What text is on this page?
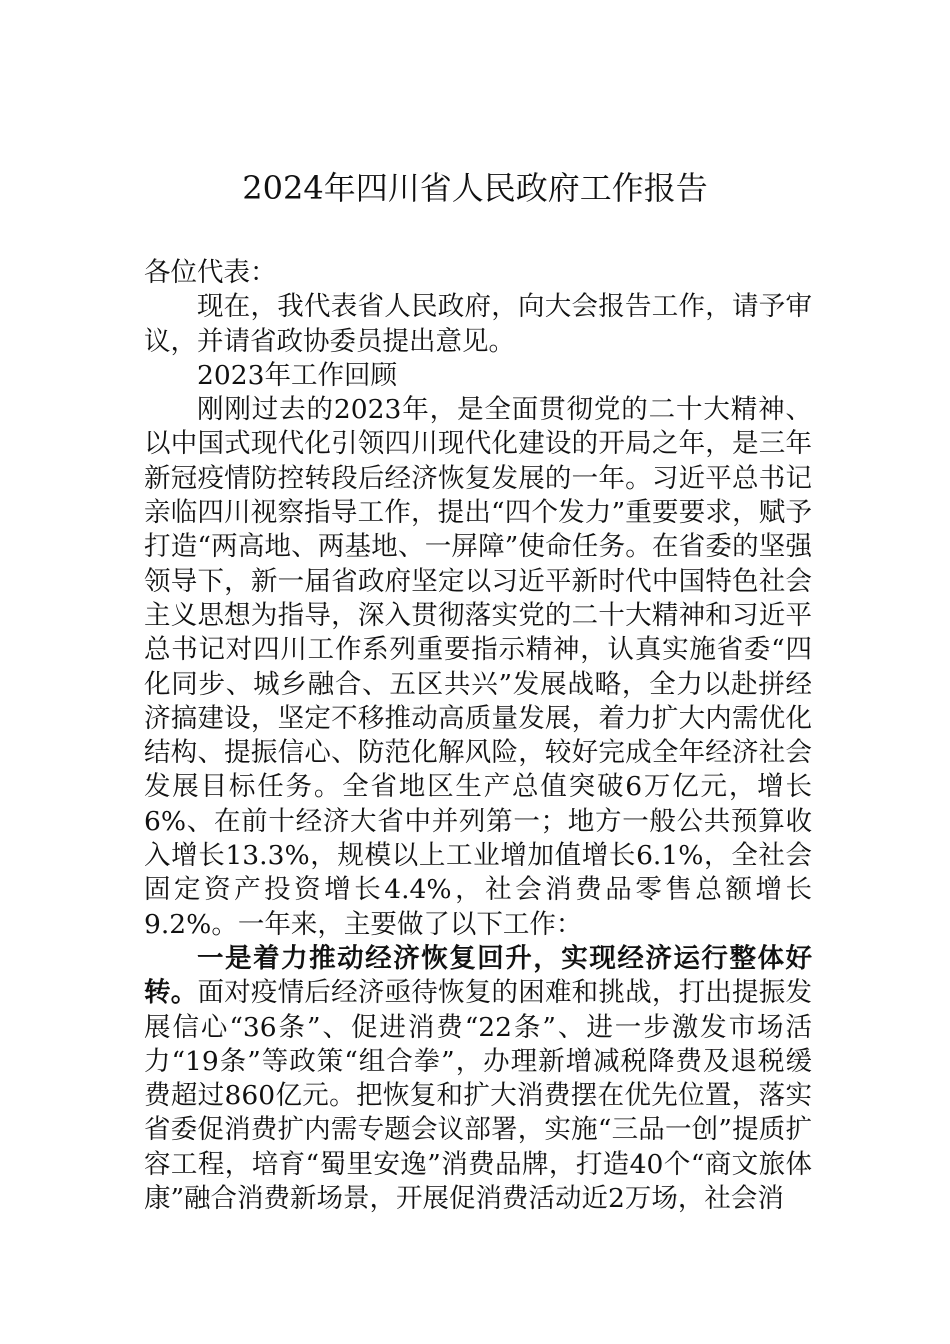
2024年四川省人民政府工作报告

各位代表：

现在，我代表省人民政府，向大会报告工作，请予审议，并请省政协委员提出意见。

2023年工作回顾

刚刚过去的2023年，是全面贯彻党的二十大精神、以中国式现代化引领四川现代化建设的开局之年，是三年新冠疫情防控转段后经济恢复发展的一年。习近平总书记亲临四川视察指导工作，提出“四个发力”重要要求，赋予打造“两高地、两基地、一屏障”使命任务。在省委的坚强领导下，新一届省政府坚定以习近平新时代中国特色社会主义思想为指导，深入贯彻落实党的二十大精神和习近平总书记对四川工作系列重要指示精神，认真实施省委“四化同步、城乡融合、五区共兴”发展战略，全力以赴拼经济搞建设，坚定不移推动高质量发展，着力扩大内需优化结构、提振信心、防范化解风险，较好完成全年经济社会发展目标任务。全省地区生产总值突破6万亿元，增长6%、在前十经济大省中并列第一；地方一般公共预算收入增长13.3%，规模以上工业增加值增长6.1%，全社会固定资产投资增长4.4%，社会消费品零售总额增长9.2%。一年来，主要做了以下工作：

一是着力推动经济恢复回升，实现经济运行整体好转。面对疫情后经济亟待恢复的困难和挑战，打出提振发展信心“36条”、促进消费“22条”、进一步激发市场活力“19条”等政策“组合拳”，办理新增减税降费及退税缓费超过860亿元。把恢复和扩大消费摆在优先位置，落实省委促消费扩内需专题会议部署，实施“三品一创”提质扩容工程，培育“蜀里安逸”消费品牌，打造40个“商文旅体康”融合消费新场景，开展促消费活动近2万场，社会消
